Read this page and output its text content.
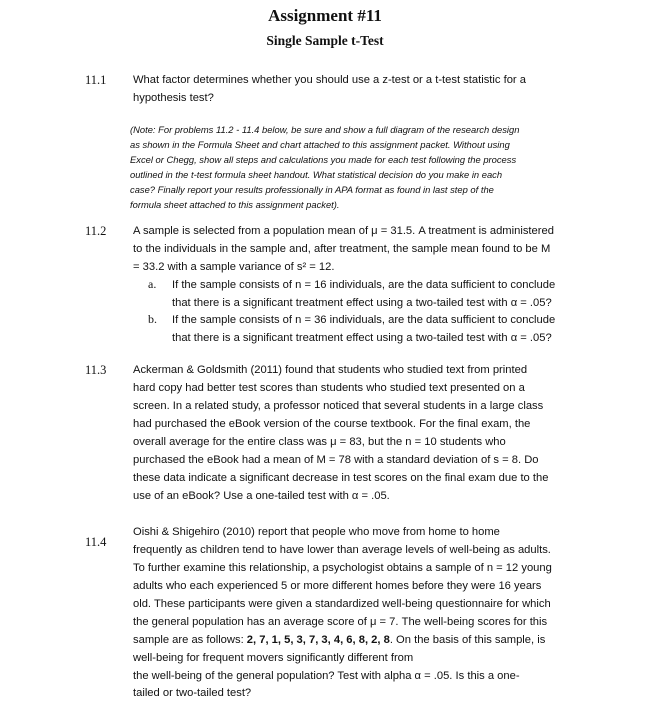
Assignment #11
Single Sample t-Test
11.1 What factor determines whether you should use a z-test or a t-test statistic for a
hypothesis test?
(Note: For problems 11.2 - 11.4 below, be sure and show a full diagram of the research design
as shown in the Formula Sheet and chart attached to this assignment packet. Without using
Excel or Chegg, show all steps and calculations you made for each test following the process
outlined in the t-test formula sheet handout. What statistical decision do you make in each
case? Finally report your results professionally in APA format as found in last step of the
formula sheet attached to this assignment packet).
11.2 A sample is selected from a population mean of μ = 31.5. A treatment is administered
to the individuals in the sample and, after treatment, the sample mean found to be M
= 33.2 with a sample variance of s² = 12.
a. If the sample consists of n = 16 individuals, are the data sufficient to conclude
that there is a significant treatment effect using a two-tailed test with α = .05?
b. If the sample consists of n = 36 individuals, are the data sufficient to conclude
that there is a significant treatment effect using a two-tailed test with α = .05?
11.3 Ackerman & Goldsmith (2011) found that students who studied text from printed
hard copy had better test scores than students who studied text presented on a
screen. In a related study, a professor noticed that several students in a large class
had purchased the eBook version of the course textbook. For the final exam, the
overall average for the entire class was μ = 83, but the n = 10 students who
purchased the eBook had a mean of M = 78 with a standard deviation of s = 8. Do
these data indicate a significant decrease in test scores on the final exam due to the
use of an eBook? Use a one-tailed test with α = .05.
11.4
Oishi & Shigehiro (2010) report that people who move from home to home
frequently as children tend to have lower than average levels of well-being as adults.
To further examine this relationship, a psychologist obtains a sample of n = 12 young
adults who each experienced 5 or more different homes before they were 16 years
old. These participants were given a standardized well-being questionnaire for which
the general population has an average score of μ = 7. The well-being scores for this
sample are as follows: 2, 7, 1, 5, 3, 7, 3, 4, 6, 8, 2, 8. On the basis of this sample, is
well-being for frequent movers significantly different from
the well-being of the general population? Test with alpha α = .05. Is this a one-
tailed or two-tailed test?
